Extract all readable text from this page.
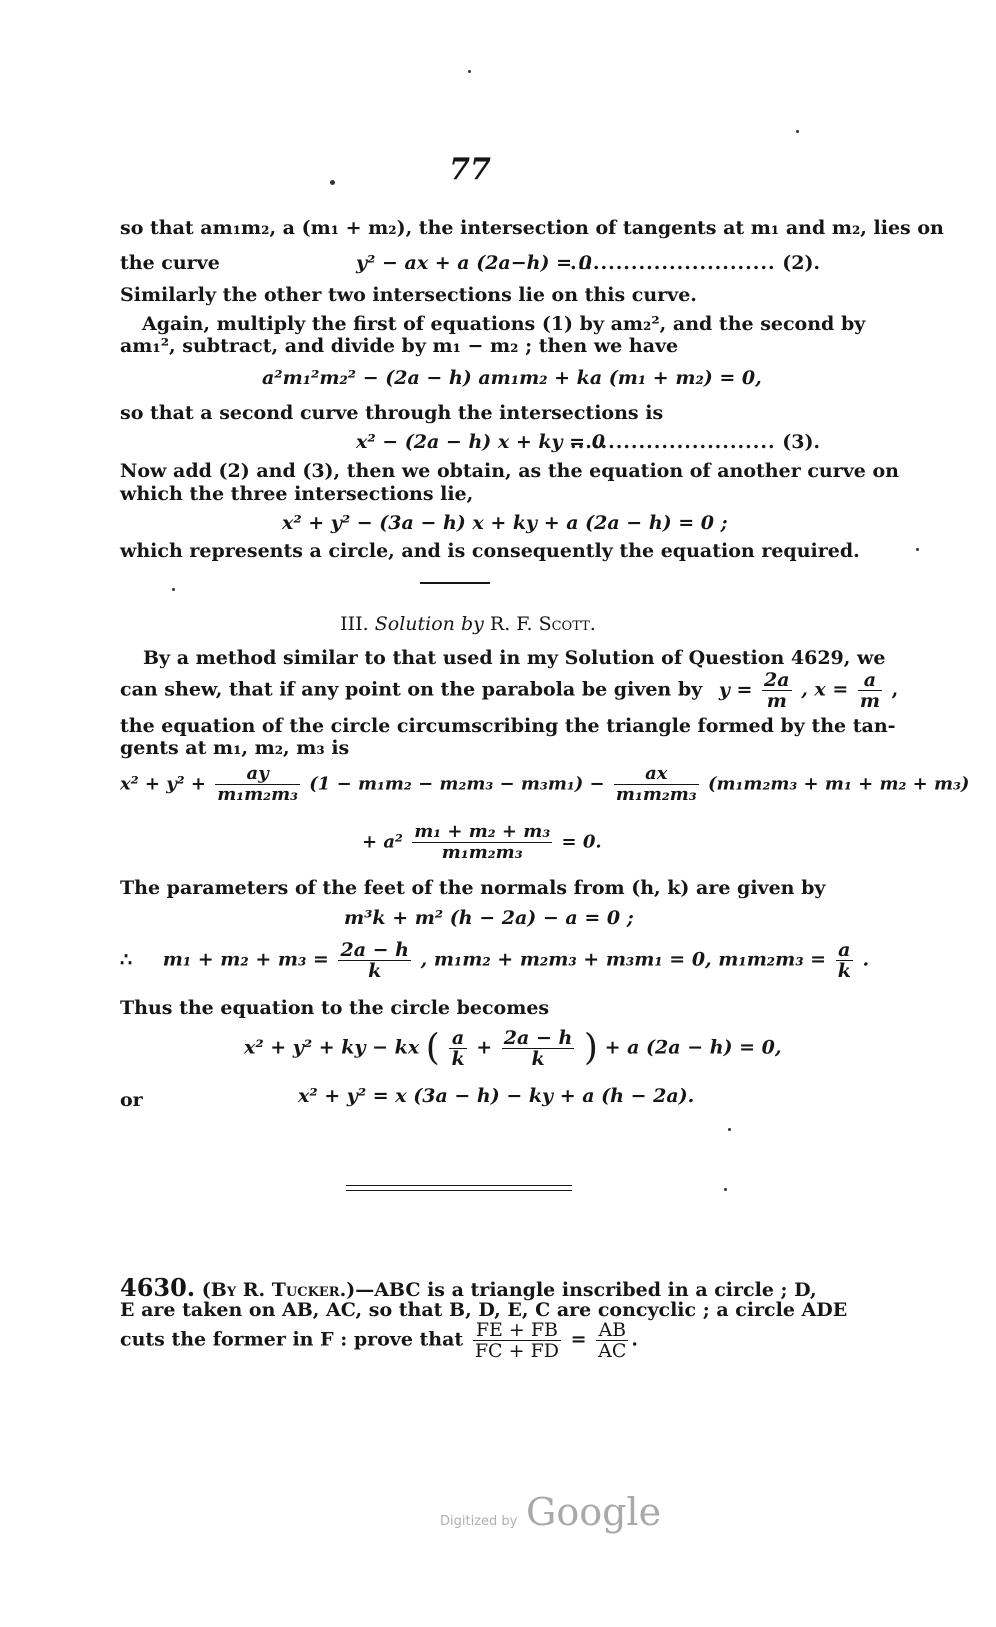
77
so that am₁m₂, a (m₁ + m₂), the intersection of tangents at m₁ and m₂, lies on
the curve	y² − ax + a (2a−h) = 0
........................... (2).
Similarly the other two intersections lie on this curve.
Again, multiply the first of equations (1) by am₂², and the second by
am₁², subtract, and divide by m₁ − m₂ ; then we have
a²m₁²m₂² − (2a − h) am₁m₂ + ka (m₁ + m₂) = 0,
so that a second curve through the intersections is
x² − (2a − h) x + ky = 0
........................... (3).
Now add (2) and (3), then we obtain, as the equation of another curve on
which the three intersections lie,
x² + y² − (3a − h) x + ky + a (2a − h) = 0 ;
which represents a circle, and is consequently the equation required.
III. Solution by R. F. Scott.
By a method similar to that used in my Solution of Question 4629, we
can shew, that if any point on the parabola be given by $y = \frac{2a}{m}$ , $x = \frac{a}{m}$ ,
the equation of the circle circumscribing the triangle formed by the tan-
gents at m₁, m₂, m₃ is
$x^2 + y^2 + \frac{ay}{\text{m₁m₂m₃}} (1 - m_1m_2 - m_2m_3 - m_3m_1) - \frac{ax}{\text{m₁m₂m₃}} (m_1m_2m_3 + m_1 + m_2 + m_3)$
+ $a^2 \frac{\text{m₁ + m₂ + m₃}}{\text{m₁m₂m₃}} = 0$.
The parameters of the feet of the normals from (h, k) are given by
m³k + m² (h − 2a) − a = 0 ;
∴ $m_1 + m_2 + m_3 = \frac{2a - h}{k}$ , m₁m₂ + m₂m₃ + m₃m₁ = 0, $m_1m_2m_3 = \frac{a}{k}$ .
Thus the equation to the circle becomes
x² + y² + ky − kx ( $\frac{a}{k} + \frac{2a - h}{k}$ ) + a (2a − h) = 0,
or	x² + y² = x (3a − h) − ky + a (h − 2a).
4630. (By R. Tucker.)—ABC is a triangle inscribed in a circle ; D,
E are taken on AB, AC, so that B, D, E, C are concyclic ; a circle ADE
cuts the former in F : prove that $\frac{FE + FB}{FC + FD} = \frac{AB}{AC}$ .
Digitized by Google
